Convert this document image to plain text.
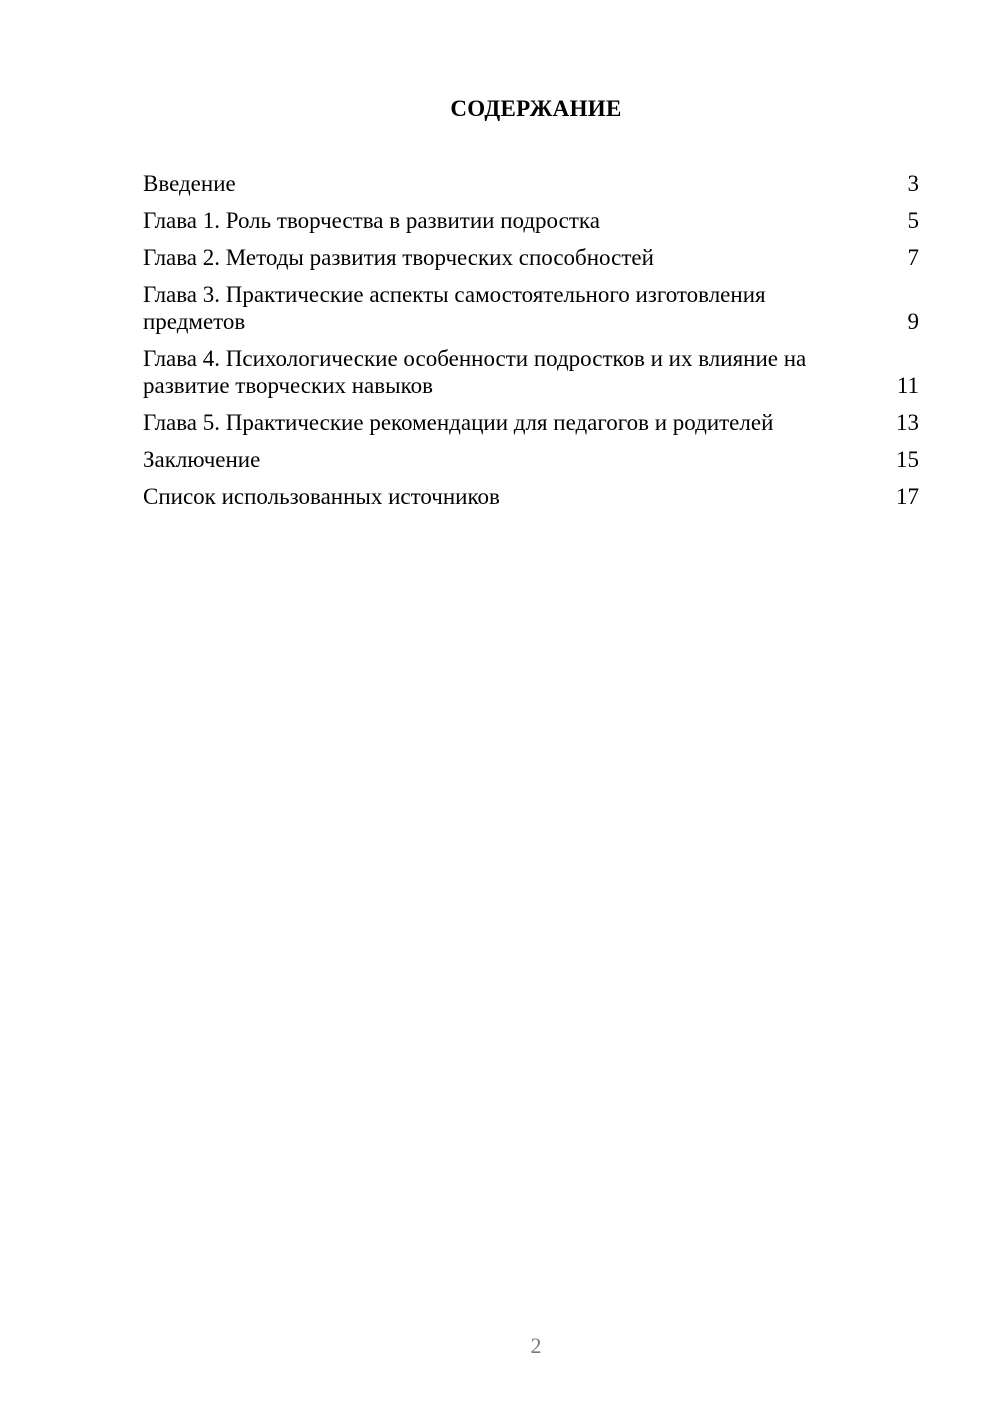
СОДЕРЖАНИЕ
Введение	3
Глава 1. Роль творчества в развитии подростка	5
Глава 2. Методы развития творческих способностей	7
Глава 3. Практические аспекты самостоятельного изготовления предметов	9
Глава 4. Психологические особенности подростков и их влияние на развитие творческих навыков	11
Глава 5. Практические рекомендации для педагогов и родителей	13
Заключение	15
Список использованных источников	17
2
